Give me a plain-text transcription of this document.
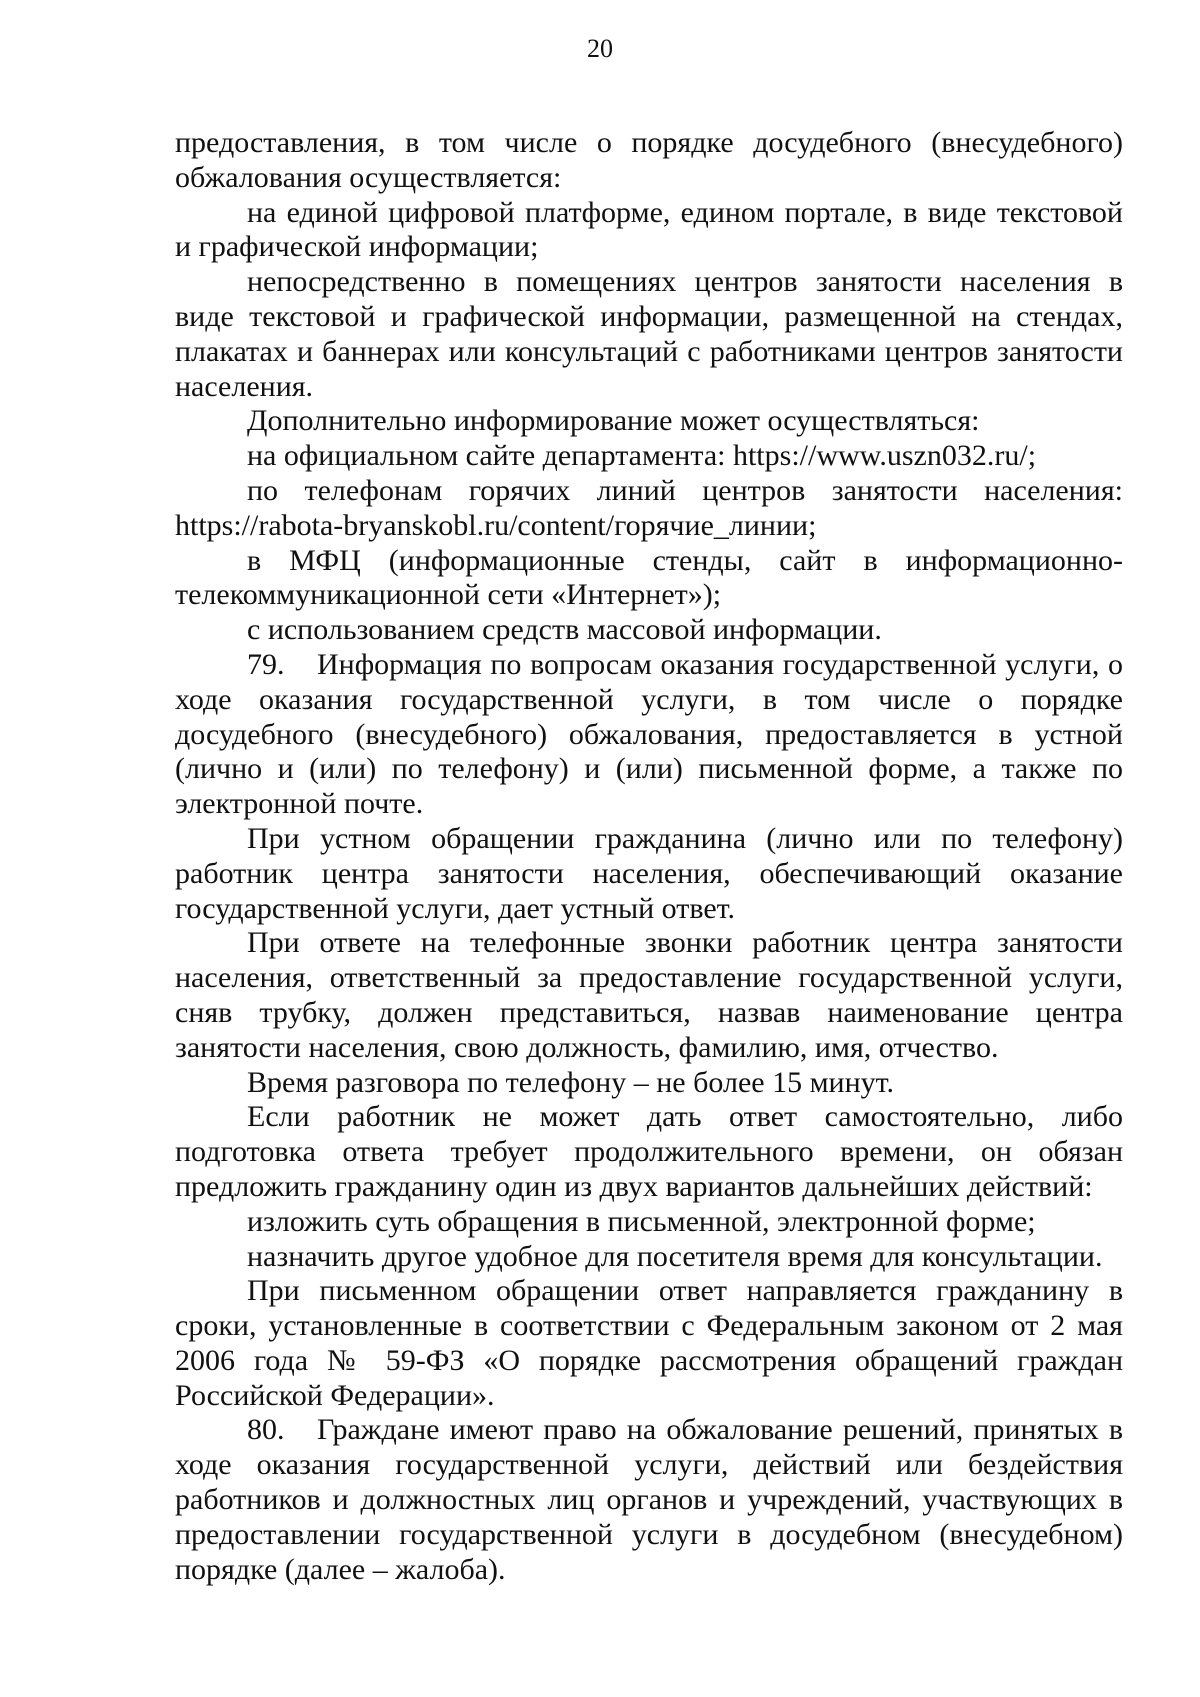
20

предоставления, в том числе о порядке досудебного (внесудебного) обжалования осуществляется:

на единой цифровой платформе, едином портале, в виде текстовой и графической информации;

непосредственно в помещениях центров занятости населения в виде текстовой и графической информации, размещенной на стендах, плакатах и баннерах или консультаций с работниками центров занятости населения.

Дополнительно информирование может осуществляться:

на официальном сайте департамента: https://www.uszn032.ru/;

по телефонам горячих линий центров занятости населения: https://rabota-bryanskobl.ru/content/горячие_линии;

в МФЦ (информационные стенды, сайт в информационно-телекоммуникационной сети «Интернет»);

с использованием средств массовой информации.

79. Информация по вопросам оказания государственной услуги, о ходе оказания государственной услуги, в том числе о порядке досудебного (внесудебного) обжалования, предоставляется в устной (лично и (или) по телефону) и (или) письменной форме, а также по электронной почте.

При устном обращении гражданина (лично или по телефону) работник центра занятости населения, обеспечивающий оказание государственной услуги, дает устный ответ.

При ответе на телефонные звонки работник центра занятости населения, ответственный за предоставление государственной услуги, сняв трубку, должен представиться, назвав наименование центра занятости населения, свою должность, фамилию, имя, отчество.

Время разговора по телефону – не более 15 минут.

Если работник не может дать ответ самостоятельно, либо подготовка ответа требует продолжительного времени, он обязан предложить гражданину один из двух вариантов дальнейших действий:

изложить суть обращения в письменной, электронной форме;

назначить другое удобное для посетителя время для консультации.

При письменном обращении ответ направляется гражданину в сроки, установленные в соответствии с Федеральным законом от 2 мая 2006 года № 59-ФЗ «О порядке рассмотрения обращений граждан Российской Федерации».

80. Граждане имеют право на обжалование решений, принятых в ходе оказания государственной услуги, действий или бездействия работников и должностных лиц органов и учреждений, участвующих в предоставлении государственной услуги в досудебном (внесудебном) порядке (далее – жалоба).
